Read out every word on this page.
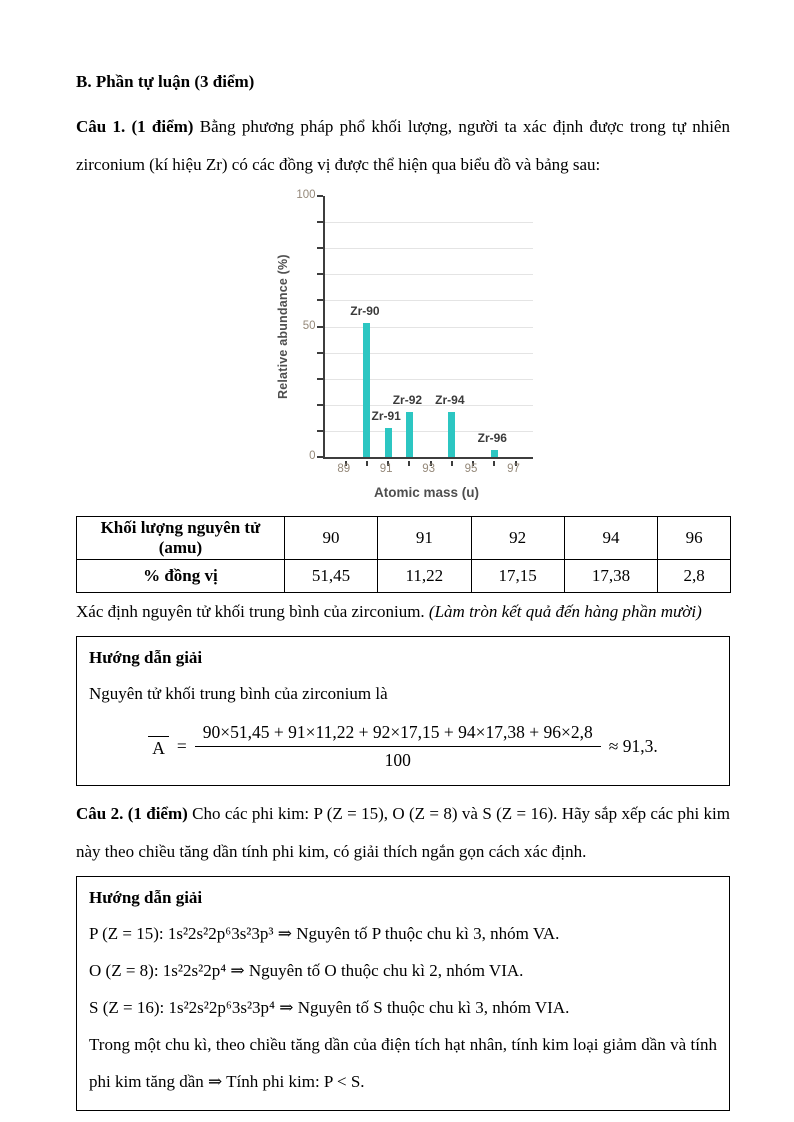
B. Phần tự luận (3 điểm)

Câu 1. (1 điểm) Bằng phương pháp phổ khối lượng, người ta xác định được trong tự nhiên zirconium (kí hiệu Zr) có các đồng vị được thể hiện qua biểu đồ và bảng sau:

Relative abundance (%)
0
50
100
Zr-90
Zr-91
Zr-92	Zr-94
Zr-96
89	91	93	95	97
Atomic mass (u)
Khối lượng nguyên tử (amu)	90	91	92	94	96
% đồng vị	51,45	11,22	17,15	17,38	2,8

Xác định nguyên tử khối trung bình của zirconium. (Làm tròn kết quả đến hàng phần mười)

Hướng dẫn giải
Nguyên tử khối trung bình của zirconium là
$A = \frac{90\times 51,45 + 91\times 11,22 + 92\times 17,15 + 94\times 17,38 + 96\times 2,8}{100} \approx 91,3$.

Câu 2. (1 điểm) Cho các phi kim: P (Z = 15), O (Z = 8) và S (Z = 16). Hãy sắp xếp các phi kim này theo chiều tăng dần tính phi kim, có giải thích ngắn gọn cách xác định.

Hướng dẫn giải
P (Z = 15): 1s²2s²2p⁶3s²3p³ ⇒ Nguyên tố P thuộc chu kì 3, nhóm VA.
O (Z = 8): 1s²2s²2p⁴ ⇒ Nguyên tố O thuộc chu kì 2, nhóm VIA.
S (Z = 16): 1s²2s²2p⁶3s²3p⁴ ⇒ Nguyên tố S thuộc chu kì 3, nhóm VIA.
Trong một chu kì, theo chiều tăng dần của điện tích hạt nhân, tính kim loại giảm dần và tính phi kim tăng dần ⇒ Tính phi kim: P < S.
